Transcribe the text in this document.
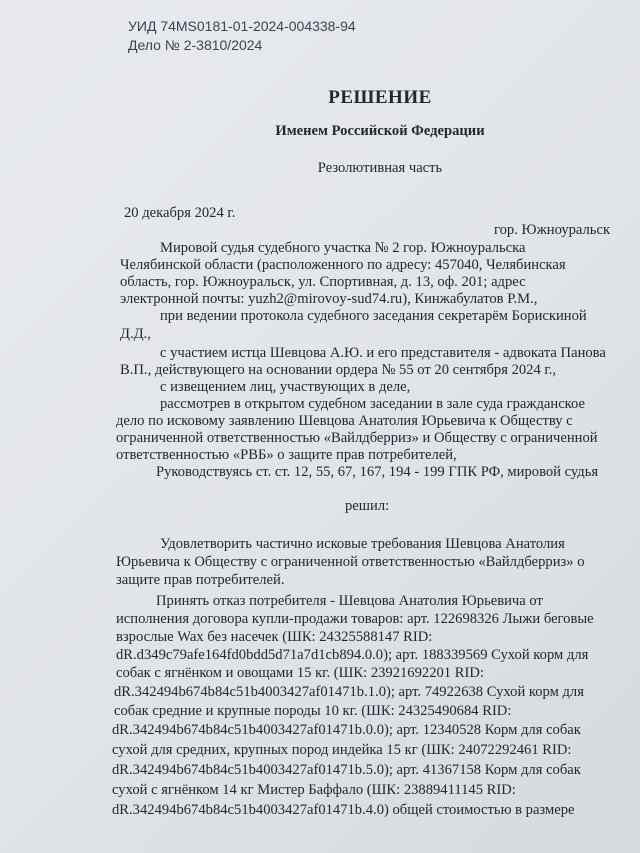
УИД 74MS0181-01-2024-004338-94
Дело № 2-3810/2024
РЕШЕНИЕ
Именем Российской Федерации
Резолютивная часть
20 декабря 2024 г.
гор. Южноуральск
Мировой судья судебного участка № 2 гор. Южноуральска
Челябинской области (расположенного по адресу: 457040, Челябинская
область, гор. Южноуральск, ул. Спортивная, д. 13, оф. 201; адрес
электронной почты: yuzh2@mirovoy-sud74.ru), Кинжабулатов Р.М.,
при ведении протокола судебного заседания секретарём Борискиной
Д.Д.,
с участием истца Шевцова А.Ю. и его представителя - адвоката Панова
В.П., действующего на основании ордера № 55 от 20 сентября 2024 г.,
с извещением лиц, участвующих в деле,
рассмотрев в открытом судебном заседании в зале суда гражданское
дело по исковому заявлению Шевцова Анатолия Юрьевича к Обществу с
ограниченной ответственностью «Вайлдберриз» и Обществу с ограниченной
ответственностью «РВБ» о защите прав потребителей,
Руководствуясь ст. ст. 12, 55, 67, 167, 194 - 199 ГПК РФ, мировой судья
решил:
Удовлетворить частично исковые требования Шевцова Анатолия
Юрьевича к Обществу с ограниченной ответственностью «Вайлдберриз» о
защите прав потребителей.
Принять отказ потребителя - Шевцова Анатолия Юрьевича от
исполнения договора купли-продажи товаров: арт. 122698326 Лыжи беговые
взрослые Wax без насечек (ШК: 24325588147 RID:
dR.d349c79afe164fd0bdd5d71a7d1cb894.0.0); арт. 188339569 Сухой корм для
собак с ягнёнком и овощами 15 кг. (ШК: 23921692201 RID:
dR.342494b674b84c51b4003427af01471b.1.0); арт. 74922638 Сухой корм для
собак средние и крупные породы 10 кг. (ШК: 24325490684 RID:
dR.342494b674b84c51b4003427af01471b.0.0); арт. 12340528 Корм для собак
сухой для средних, крупных пород индейка 15 кг (ШК: 24072292461 RID:
dR.342494b674b84c51b4003427af01471b.5.0); арт. 41367158 Корм для собак
сухой с ягнёнком 14 кг Мистер Баффало (ШК: 23889411145 RID:
dR.342494b674b84c51b4003427af01471b.4.0) общей стоимостью в размере
